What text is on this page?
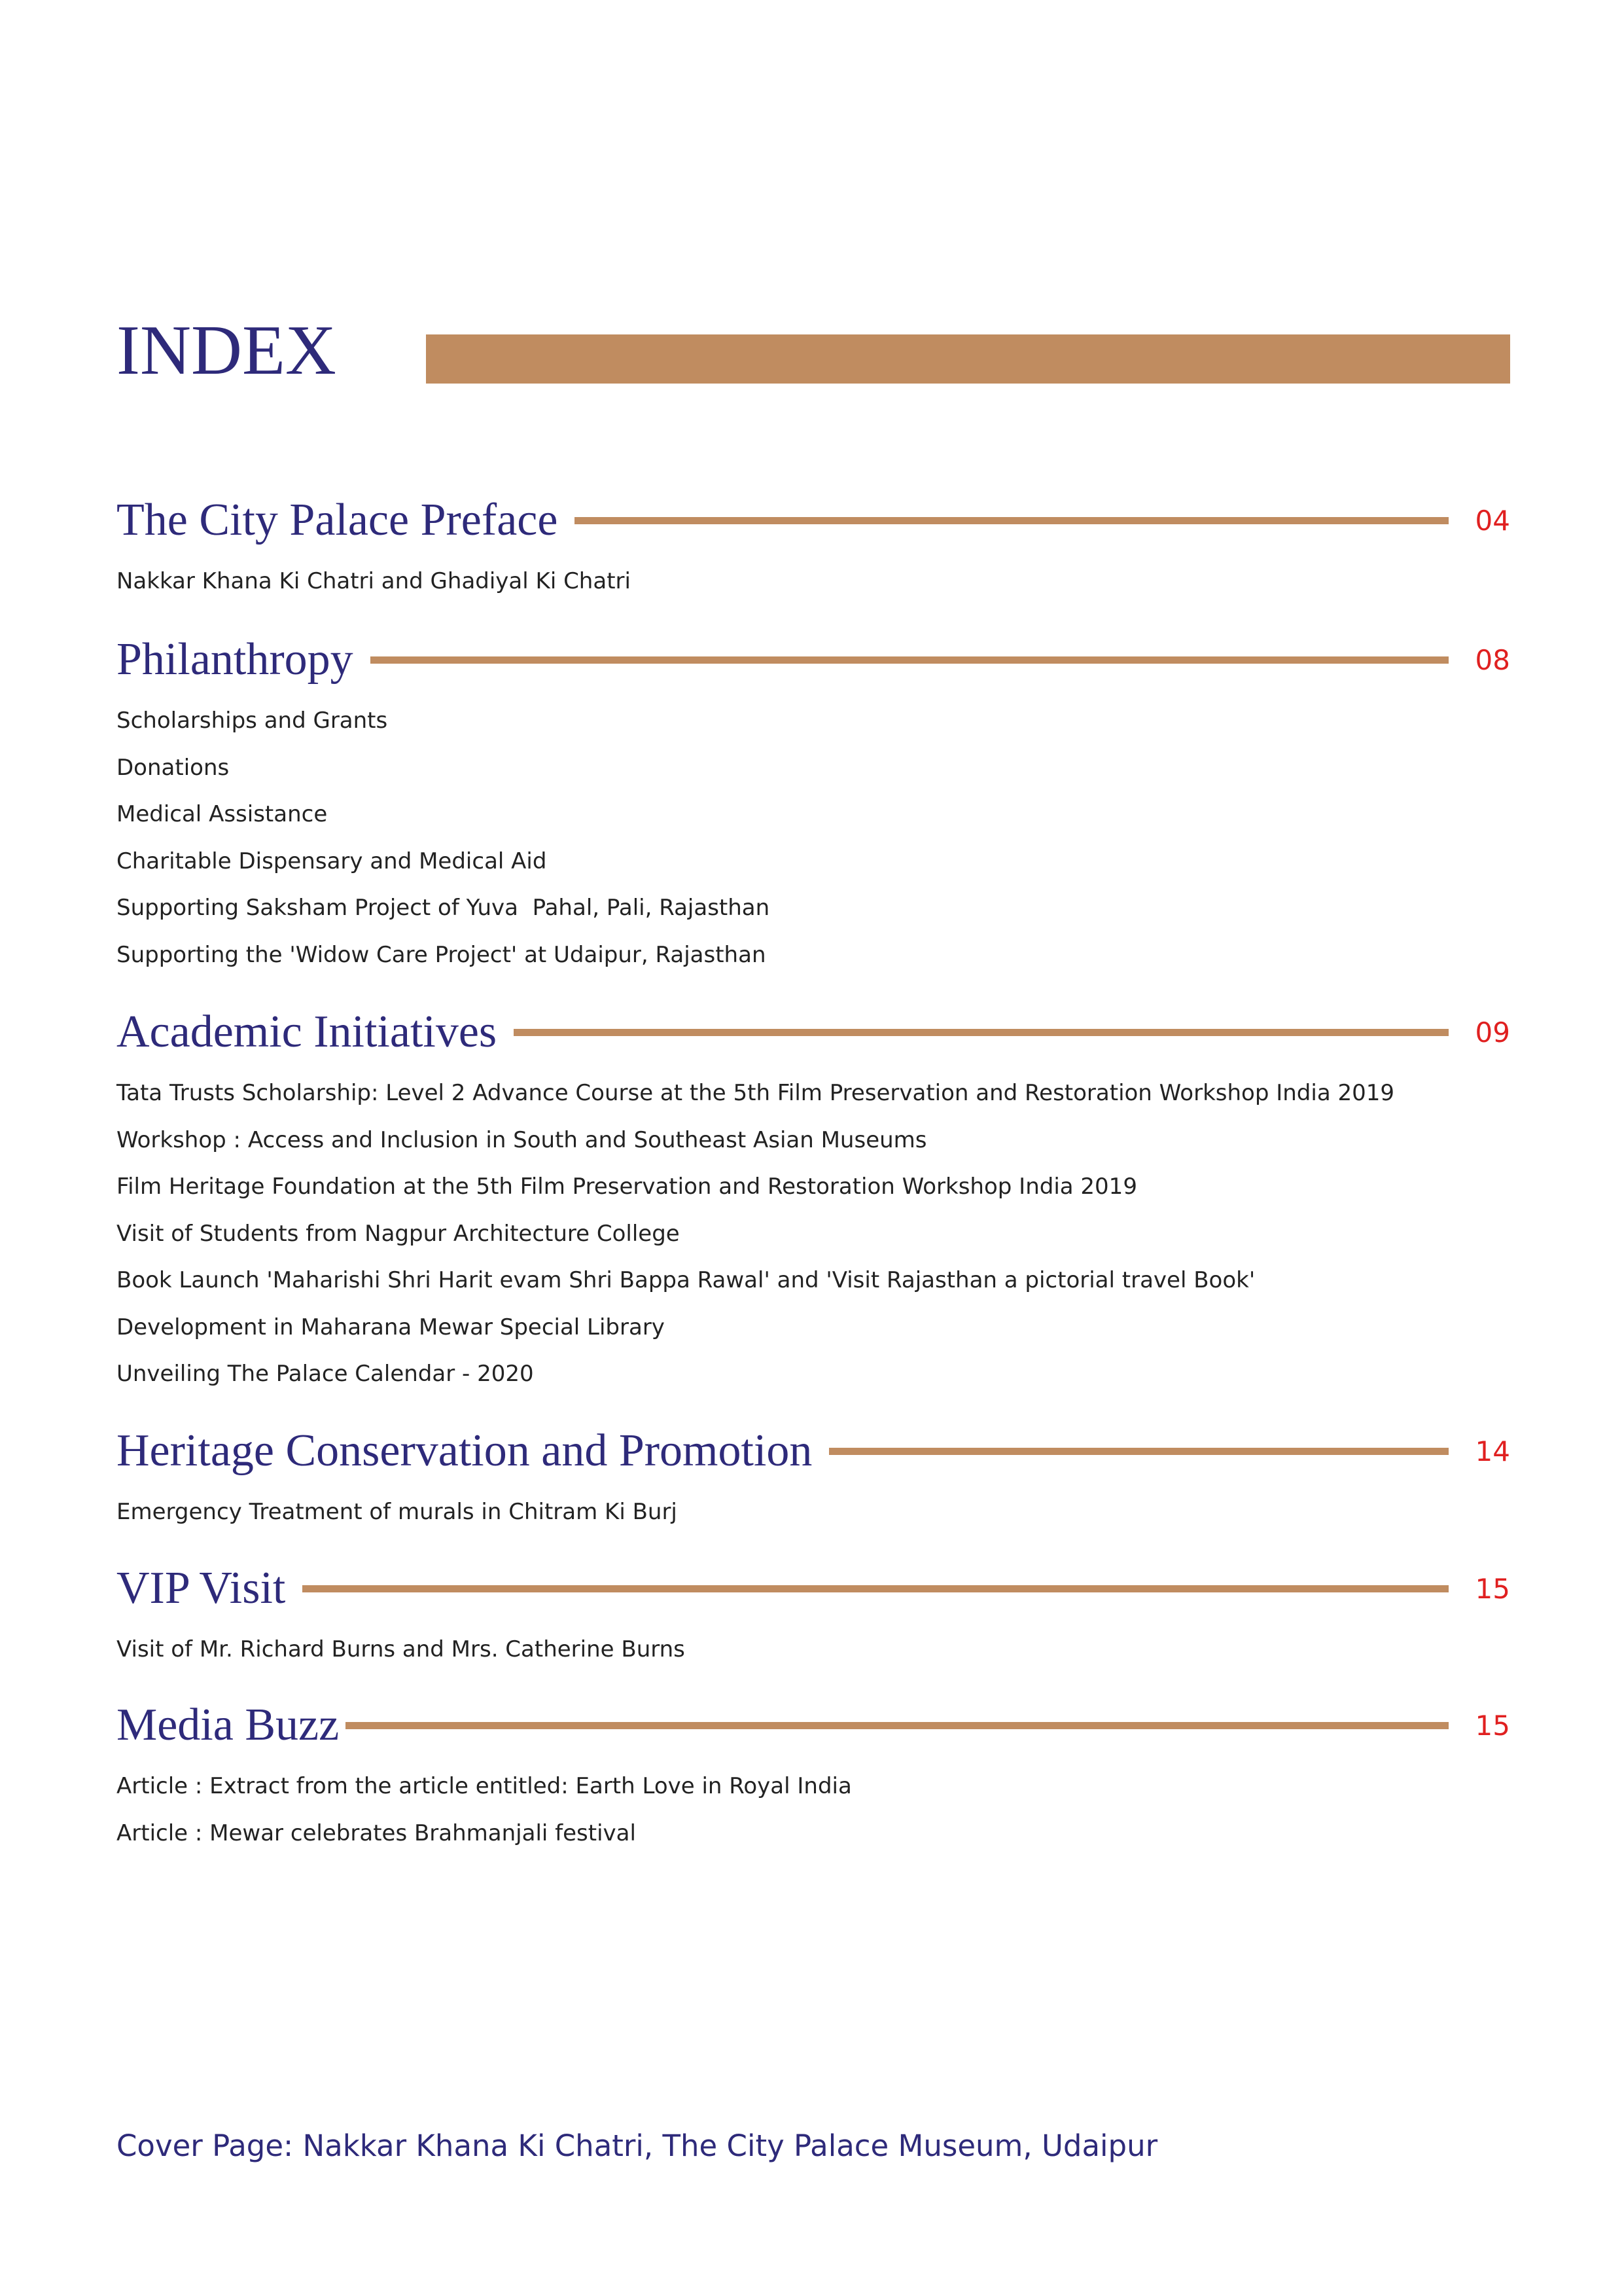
INDEX
The City Palace Preface	04
Nakkar Khana Ki Chatri and Ghadiyal Ki Chatri
Philanthropy	08
Scholarships and Grants
Donations
Medical Assistance
Charitable Dispensary and Medical Aid
Supporting Saksham Project of Yuva  Pahal, Pali, Rajasthan
Supporting the 'Widow Care Project' at Udaipur, Rajasthan
Academic Initiatives	09
Tata Trusts Scholarship: Level 2 Advance Course at the 5th Film Preservation and Restoration Workshop India 2019
Workshop : Access and Inclusion in South and Southeast Asian Museums
Film Heritage Foundation at the 5th Film Preservation and Restoration Workshop India 2019
Visit of Students from Nagpur Architecture College
Book Launch 'Maharishi Shri Harit evam Shri Bappa Rawal' and 'Visit Rajasthan a pictorial travel Book'
Development in Maharana Mewar Special Library
Unveiling The Palace Calendar - 2020
Heritage Conservation and Promotion	14
Emergency Treatment of murals in Chitram Ki Burj
VIP Visit	15
Visit of Mr. Richard Burns and Mrs. Catherine Burns
Media Buzz	15
Article : Extract from the article entitled: Earth Love in Royal India
Article : Mewar celebrates Brahmanjali festival
Cover Page: Nakkar Khana Ki Chatri, The City Palace Museum, Udaipur
